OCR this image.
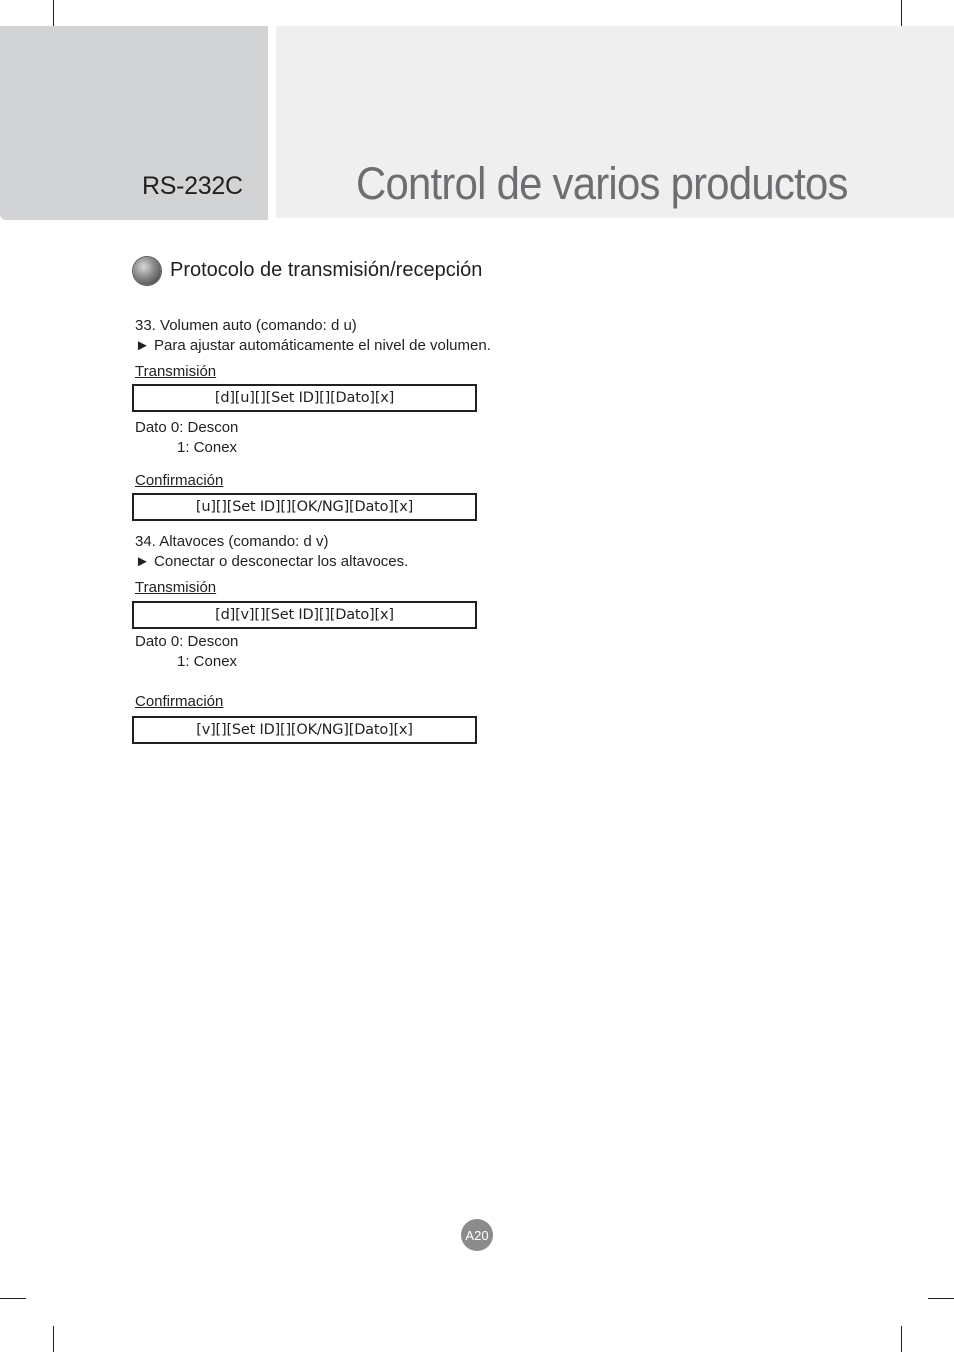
RS-232C	Control de varios productos
Protocolo de transmisión/recepción
33. Volumen auto (comando: d u)
► Para ajustar automáticamente el nivel de volumen.
Transmisión
[d][u][][Set ID][][Dato][x]
Dato 0: Descon
1: Conex
Confirmación
[u][][Set ID][][OK/NG][Dato][x]
34. Altavoces (comando: d v)
► Conectar o desconectar los altavoces.
Transmisión
[d][v][][Set ID][][Dato][x]
Dato 0: Descon
1: Conex
Confirmación
[v][][Set ID][][OK/NG][Dato][x]
A20
